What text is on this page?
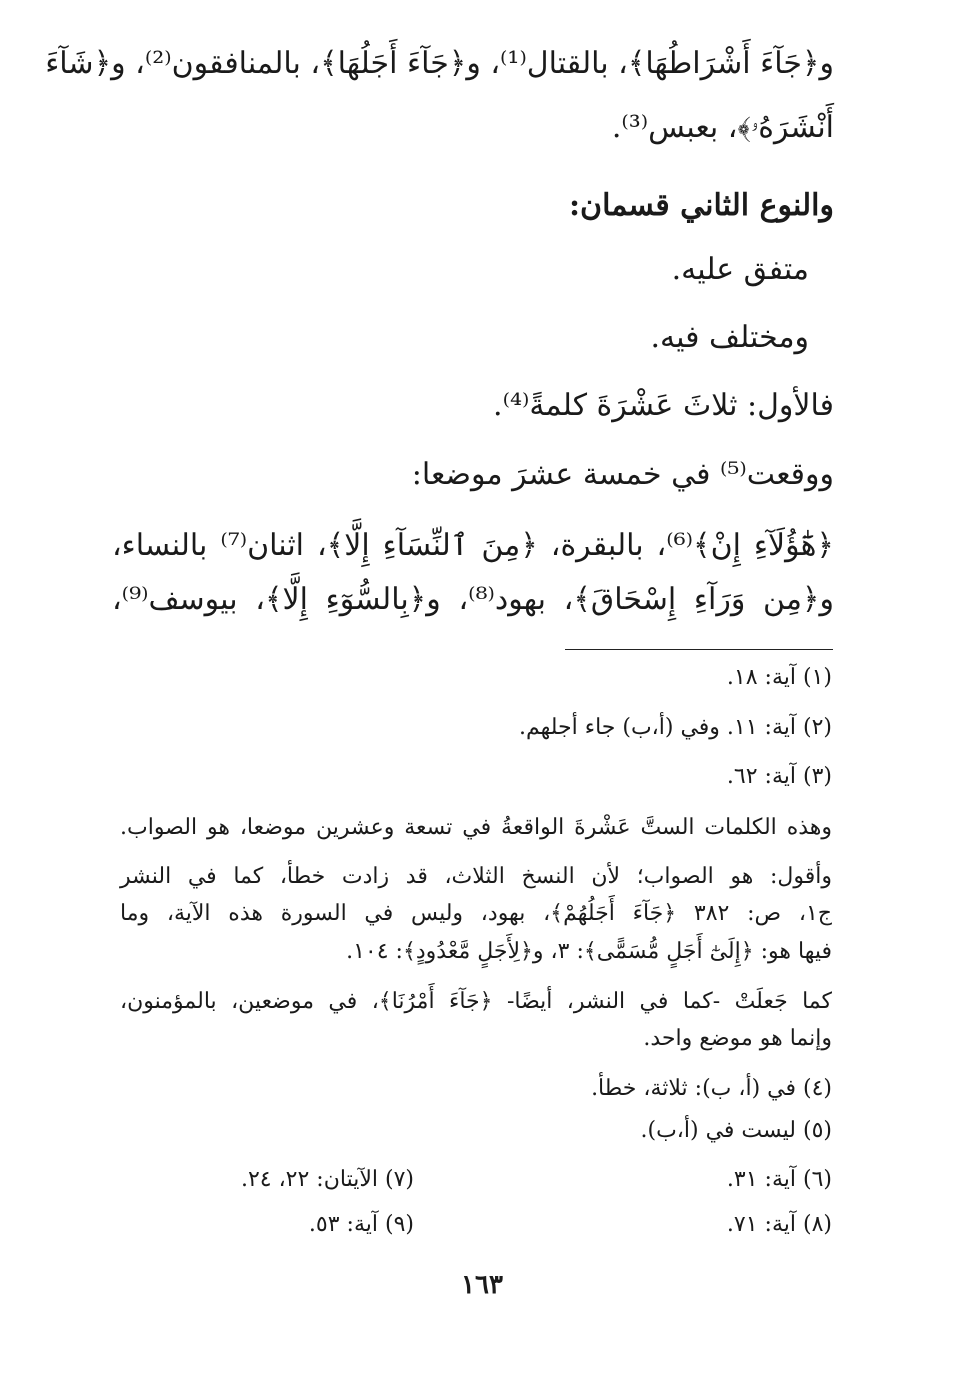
و﴿جَآءَ أَشْرَاطُهَا﴾، بالقتال⁽¹⁾، و﴿جَآءَ أَجَلُهَا﴾، بالمنافقون⁽²⁾، و﴿شَآءَ
أَنْشَرَهُۥ﴾، بعبس⁽³⁾.
والنوع الثاني قسمان:
متفق عليه.
ومختلف فيه.
فالأول: ثلاثَ عَشْرَةَ كلمةً⁽⁴⁾.
ووقعت⁽⁵⁾ في خمسة عشرَ موضعا:
﴿هَٰٓؤُلَآءِ إِنْ﴾⁽⁶⁾، بالبقرة، ﴿مِنَ ٱلنِّسَآءِ إِلَّا﴾، اثنان⁽⁷⁾ بالنساء،
و﴿مِن وَرَآءِ إِسْحَاقَ﴾، بهود⁽⁸⁾، و﴿بِالسُّوٓءِ إِلَّا﴾، بيوسف⁽⁹⁾،
(١) آية: ١٨.
(٢) آية: ١١. وفي (أ،ب) جاء أجلهم.
(٣) آية: ٦٢.
وهذه الكلمات الستَّ عَشْرةَ الواقعةُ في تسعة وعشرين موضعا، هو الصواب.
وأقول: هو الصواب؛ لأن النسخ الثلاث، قد زادت خطأ، كما في النشر
ج١، ص: ٣٨٢ ﴿جَآءَ أَجَلُهُمْ﴾، بهود، وليس في السورة هذه الآية، وما
فيها هو: ﴿إِلَىٰٓ أَجَلٍ مُّسَمًّى﴾: ٣، و﴿لِأَجَلٍ مَّعْدُودٍ﴾: ١٠٤.
كما جَعلَتْ -كما في النشر، أيضًا- ﴿جَآءَ أَمْرُنَا﴾، في موضعين، بالمؤمنون،
وإنما هو موضع واحد.
(٤) في (أ، ب): ثلاثة، خطأ.
(٥) ليست في (أ،ب).
(٦) آية: ٣١.
(٨) آية: ٧١.
(٧) الآيتان: ٢٢، ٢٤.
(٩) آية: ٥٣.
١٦٣
